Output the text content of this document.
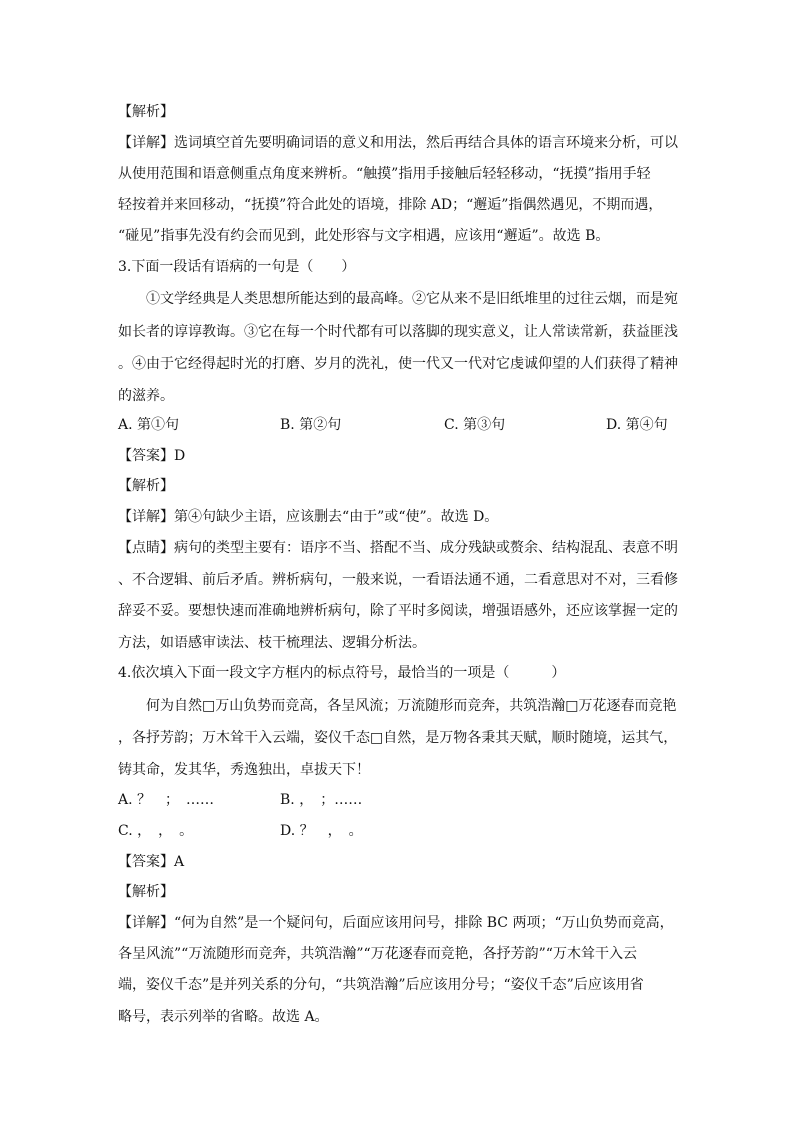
【解析】
【详解】选词填空首先要明确词语的意义和用法，然后再结合具体的语言环境来分析，可以
从使用范围和语意侧重点角度来辨析。“触摸”指用手接触后轻轻移动，“抚摸”指用手轻
轻按着并来回移动，“抚摸”符合此处的语境，排除 AD；“邂逅”指偶然遇见，不期而遇，
“碰见”指事先没有约会而见到，此处形容与文字相遇，应该用“邂逅”。故选 B。
3.下面一段话有语病的一句是（　　）
①文学经典是人类思想所能达到的最高峰。②它从来不是旧纸堆里的过往云烟，而是宛
如长者的谆谆教诲。③它在每一个时代都有可以落脚的现实意义，让人常读常新，获益匪浅
。④由于它经得起时光的打磨、岁月的洗礼，使一代又一代对它虔诚仰望的人们获得了精神
的滋养。
A. 第①句	B. 第②句	C. 第③句	D. 第④句
【答案】D
【解析】
【详解】第④句缺少主语，应该删去“由于”或“使”。故选 D。
【点睛】病句的类型主要有：语序不当、搭配不当、成分残缺或赘余、结构混乱、表意不明
、不合逻辑、前后矛盾。辨析病句，一般来说，一看语法通不通，二看意思对不对，三看修
辞妥不妥。要想快速而准确地辨析病句，除了平时多阅读，增强语感外，还应该掌握一定的
方法，如语感审读法、枝干梳理法、逻辑分析法。
4.依次填入下面一段文字方框内的标点符号，最恰当的一项是（　　　）
何为自然□万山负势而竞高，各呈风流；万流随形而竞奔，共筑浩瀚□万花逐春而竞艳
，各抒芳韵；万木耸干入云端，姿仪千态□自然，是万物各秉其天赋，顺时随境，运其气，
铸其命，发其华，秀逸独出，卓拔天下！
A. ？　；　……	B. ，　；……
C. ，　，　。	D. ？　，　。
【答案】A
【解析】
【详解】“何为自然”是一个疑问句，后面应该用问号，排除 BC 两项；“万山负势而竞高，
各呈风流”“万流随形而竞奔，共筑浩瀚”“万花逐春而竞艳，各抒芳韵”“万木耸干入云
端，姿仪千态”是并列关系的分句，“共筑浩瀚”后应该用分号；“姿仪千态”后应该用省
略号，表示列举的省略。故选 A。
